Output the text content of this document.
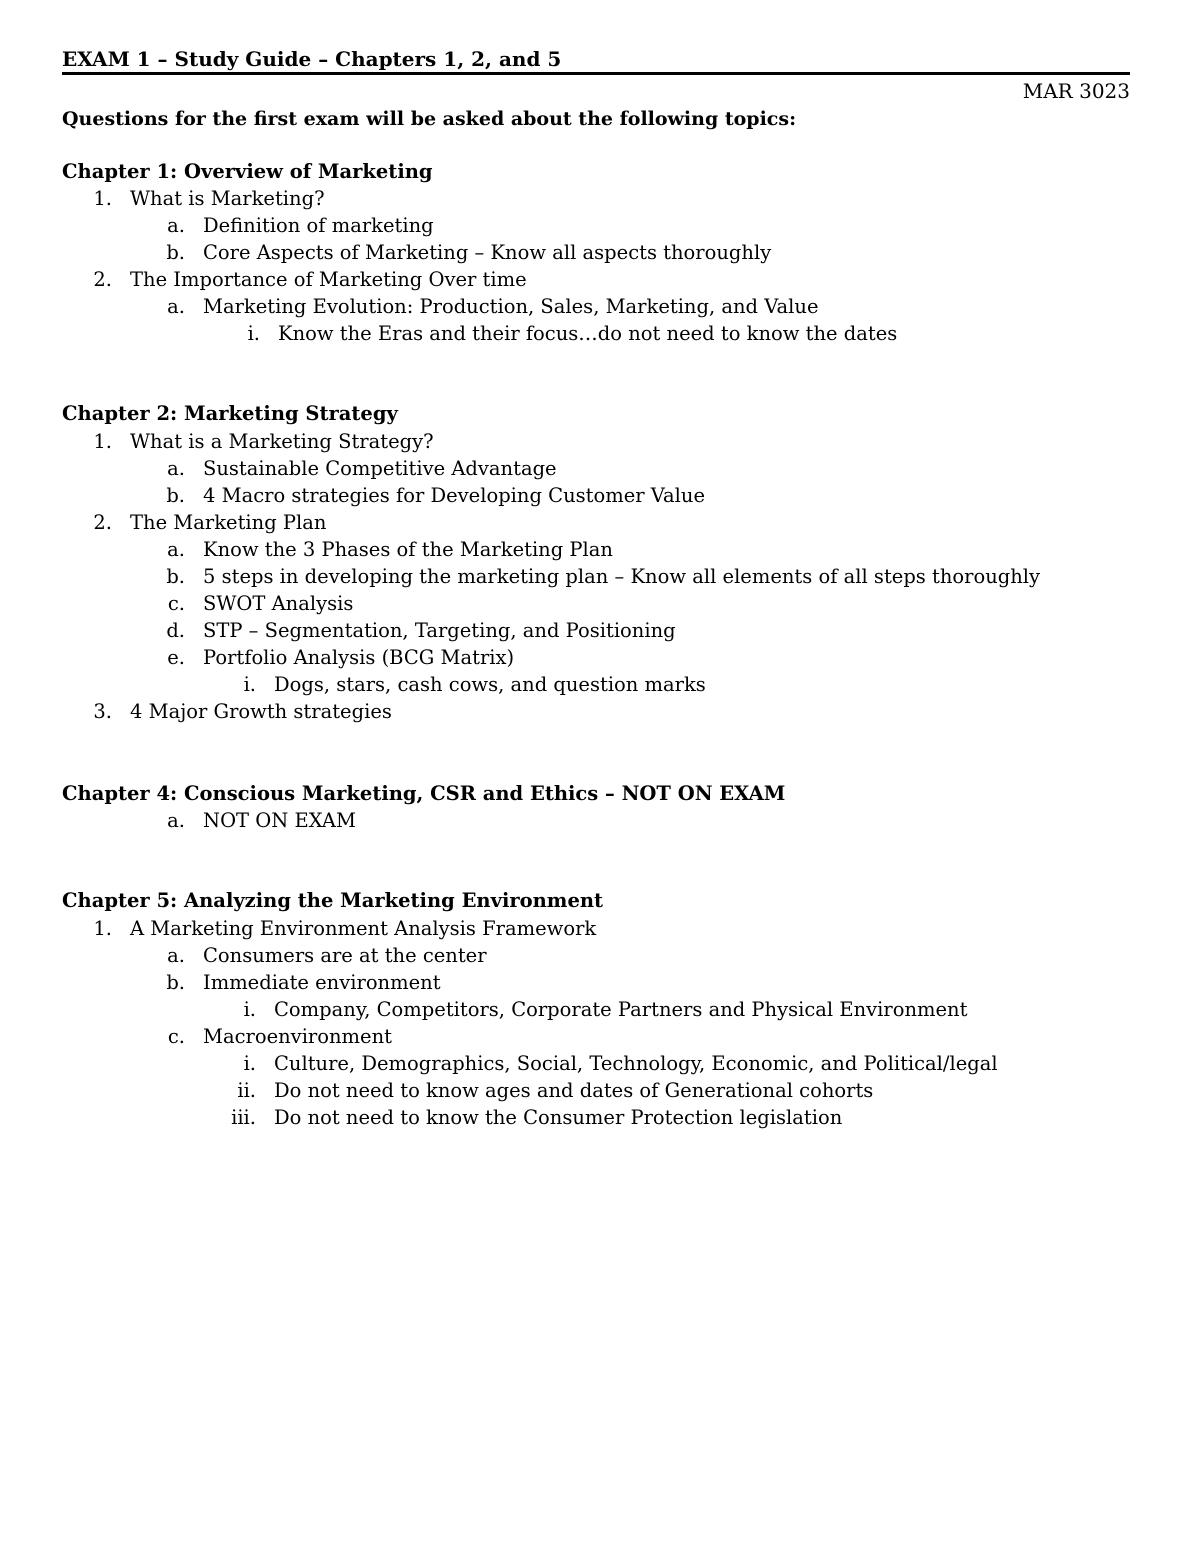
EXAM 1 – Study Guide – Chapters 1, 2, and 5
MAR 3023
Questions for the first exam will be asked about the following topics:
Chapter 1: Overview of Marketing
1. What is Marketing?
a. Definition of marketing
b. Core Aspects of Marketing – Know all aspects thoroughly
2. The Importance of Marketing Over time
a. Marketing Evolution: Production, Sales, Marketing, and Value
i. Know the Eras and their focus…do not need to know the dates
Chapter 2: Marketing Strategy
1. What is a Marketing Strategy?
a. Sustainable Competitive Advantage
b. 4 Macro strategies for Developing Customer Value
2. The Marketing Plan
a. Know the 3 Phases of the Marketing Plan
b. 5 steps in developing the marketing plan – Know all elements of all steps thoroughly
c. SWOT Analysis
d. STP – Segmentation, Targeting, and Positioning
e. Portfolio Analysis (BCG Matrix)
i. Dogs, stars, cash cows, and question marks
3. 4 Major Growth strategies
Chapter 4: Conscious Marketing, CSR and Ethics – NOT ON EXAM
a. NOT ON EXAM
Chapter 5: Analyzing the Marketing Environment
1. A Marketing Environment Analysis Framework
a. Consumers are at the center
b. Immediate environment
i. Company, Competitors, Corporate Partners and Physical Environment
c. Macroenvironment
i. Culture, Demographics, Social, Technology, Economic, and Political/legal
ii. Do not need to know ages and dates of Generational cohorts
iii. Do not need to know the Consumer Protection legislation
